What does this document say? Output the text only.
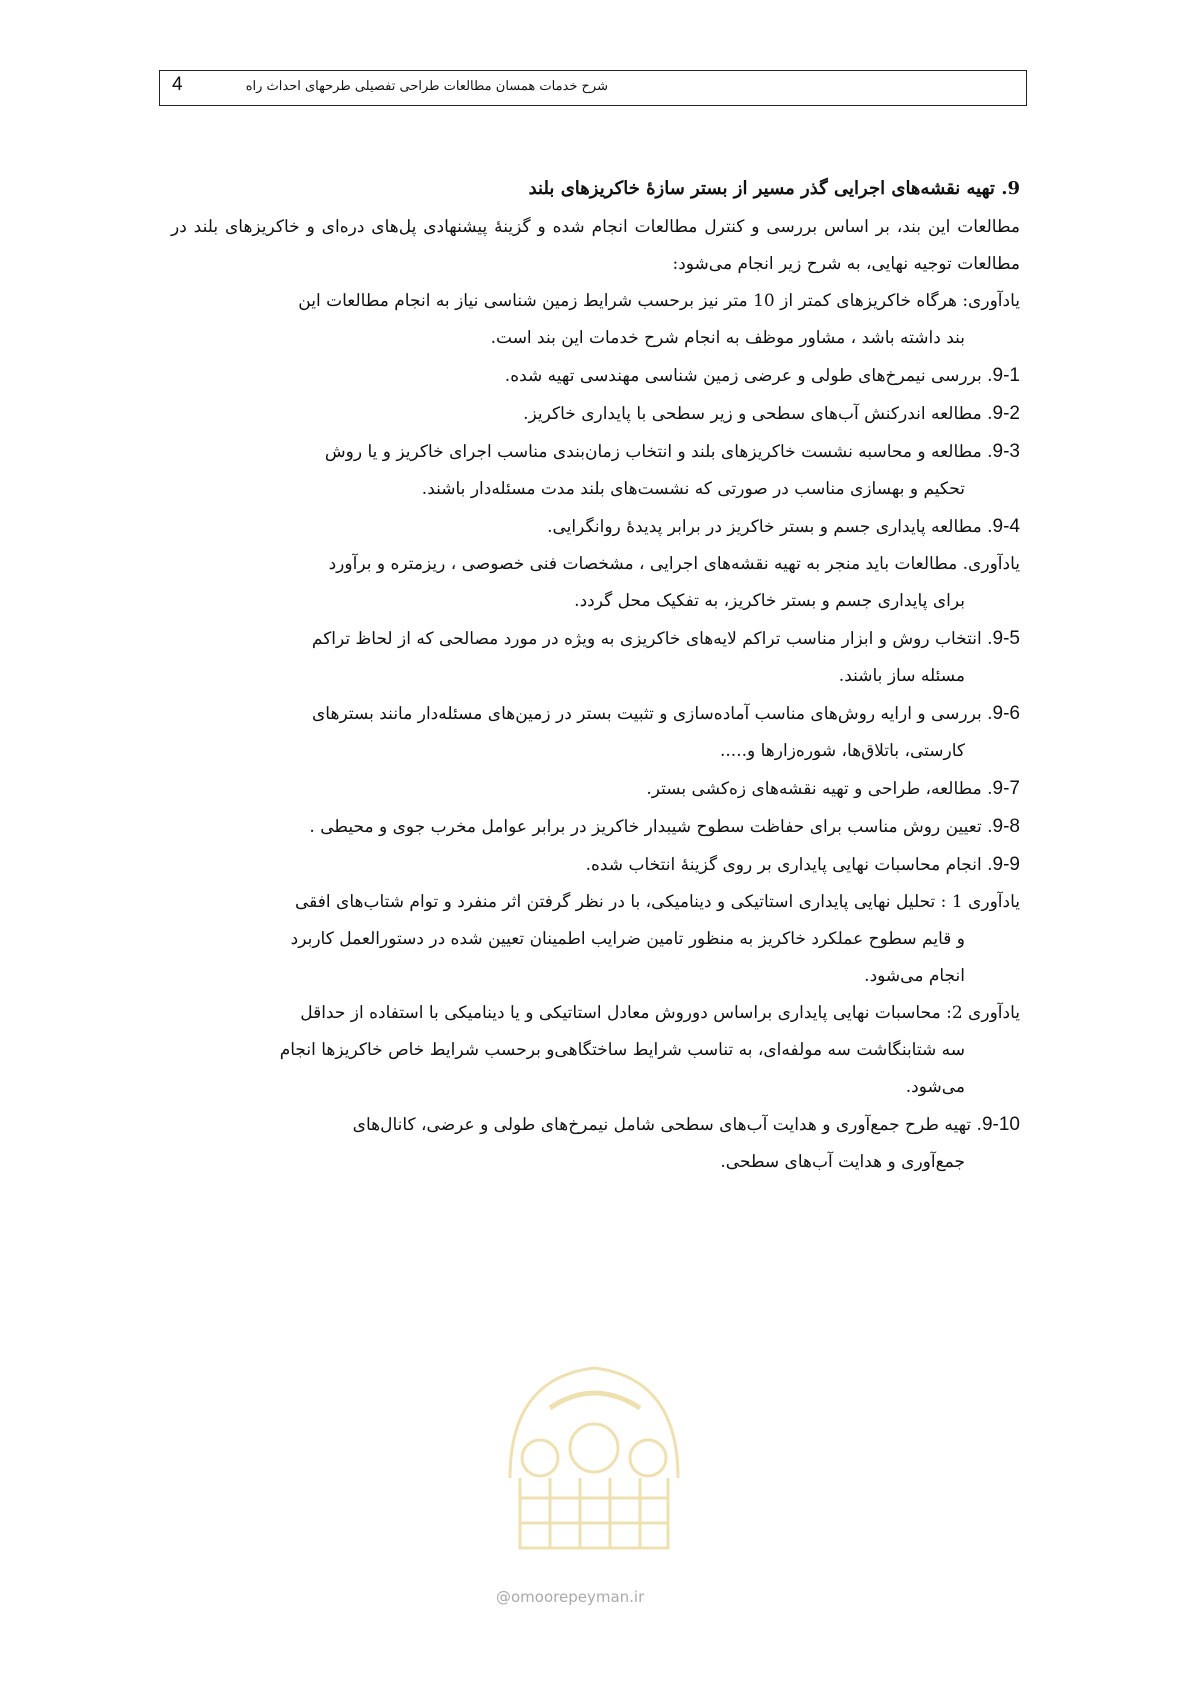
4	شرح خدمات همسان مطالعات طراحی تفصیلی طرحهای احداث راه
9. تهیه نقشه‌های اجرایی گذر مسیر از بستر سازۀ خاکریزهای بلند

مطالعات این بند، بر اساس بررسی و کنترل مطالعات انجام شده و گزینۀ پیشنهادی پل‌های دره‌ای و خاکریزهای بلند در مطالعات توجیه نهایی، به شرح زیر انجام می‌شود:

یادآوری: هرگاه خاکریزهای کمتر از 10 متر نیز برحسب شرایط زمین شناسی نیاز به انجام مطالعات این

بند داشته باشد ، مشاور موظف به انجام شرح خدمات این بند است.

9-1. بررسی نیمرخ‌های طولی و عرضی زمین شناسی مهندسی تهیه شده.

9-2. مطالعه اندرکنش آب‌های سطحی و زیر سطحی با پایداری خاکریز.

9-3. مطالعه و محاسبه نشست خاکریزهای بلند و انتخاب زمان‌بندی مناسب اجرای خاکریز و یا روش

تحکیم و بهسازی مناسب در صورتی که نشست‌های بلند مدت مسئله‌دار باشند.

9-4. مطالعه پایداری جسم و بستر خاکریز در برابر پدیدۀ روانگرایی.

یادآوری. مطالعات باید منجر به تهیه نقشه‌های اجرایی ، مشخصات فنی خصوصی ، ریزمتره و برآورد

برای پایداری جسم و بستر خاکریز، به تفکیک محل گردد.

9-5. انتخاب روش و ابزار مناسب تراکم لایه‌های خاکریزی به ویژه در مورد مصالحی که از لحاظ تراکم

مسئله ساز باشند.

9-6. بررسی و ارایه روش‌های مناسب آماده‌سازی و تثبیت بستر در زمین‌های مسئله‌دار مانند بسترهای

کارستی، باتلاق‌ها، شوره‌زارها و.....

9-7. مطالعه، طراحی و تهیه نقشه‌های زه‌کشی بستر.

9-8. تعیین روش مناسب برای حفاظت سطوح شیبدار خاکریز در برابر عوامل مخرب جوی و محیطی .

9-9. انجام محاسبات نهایی پایداری بر روی گزینۀ انتخاب شده.

یادآوری 1 : تحلیل نهایی پایداری استاتیکی و دینامیکی، با در نظر گرفتن اثر منفرد و توام شتاب‌های افقی

و قایم سطوح عملکرد خاکریز به منظور تامین ضرایب اطمینان تعیین شده در دستورالعمل کاربرد

انجام می‌شود.

یادآوری 2: محاسبات نهایی پایداری براساس دوروش معادل استاتیکی و یا دینامیکی با استفاده از حداقل

سه شتابنگاشت سه مولفه‌ای، به تناسب شرایط ساختگاهی‌و برحسب شرایط خاص خاکریزها انجام

می‌شود.

9-10. تهیه طرح جمع‌آوری و هدایت آب‌های سطحی شامل نیمرخ‌های طولی و عرضی، کانال‌های

جمع‌آوری و هدایت آب‌های سطحی.

@omoorepeyman.ir
